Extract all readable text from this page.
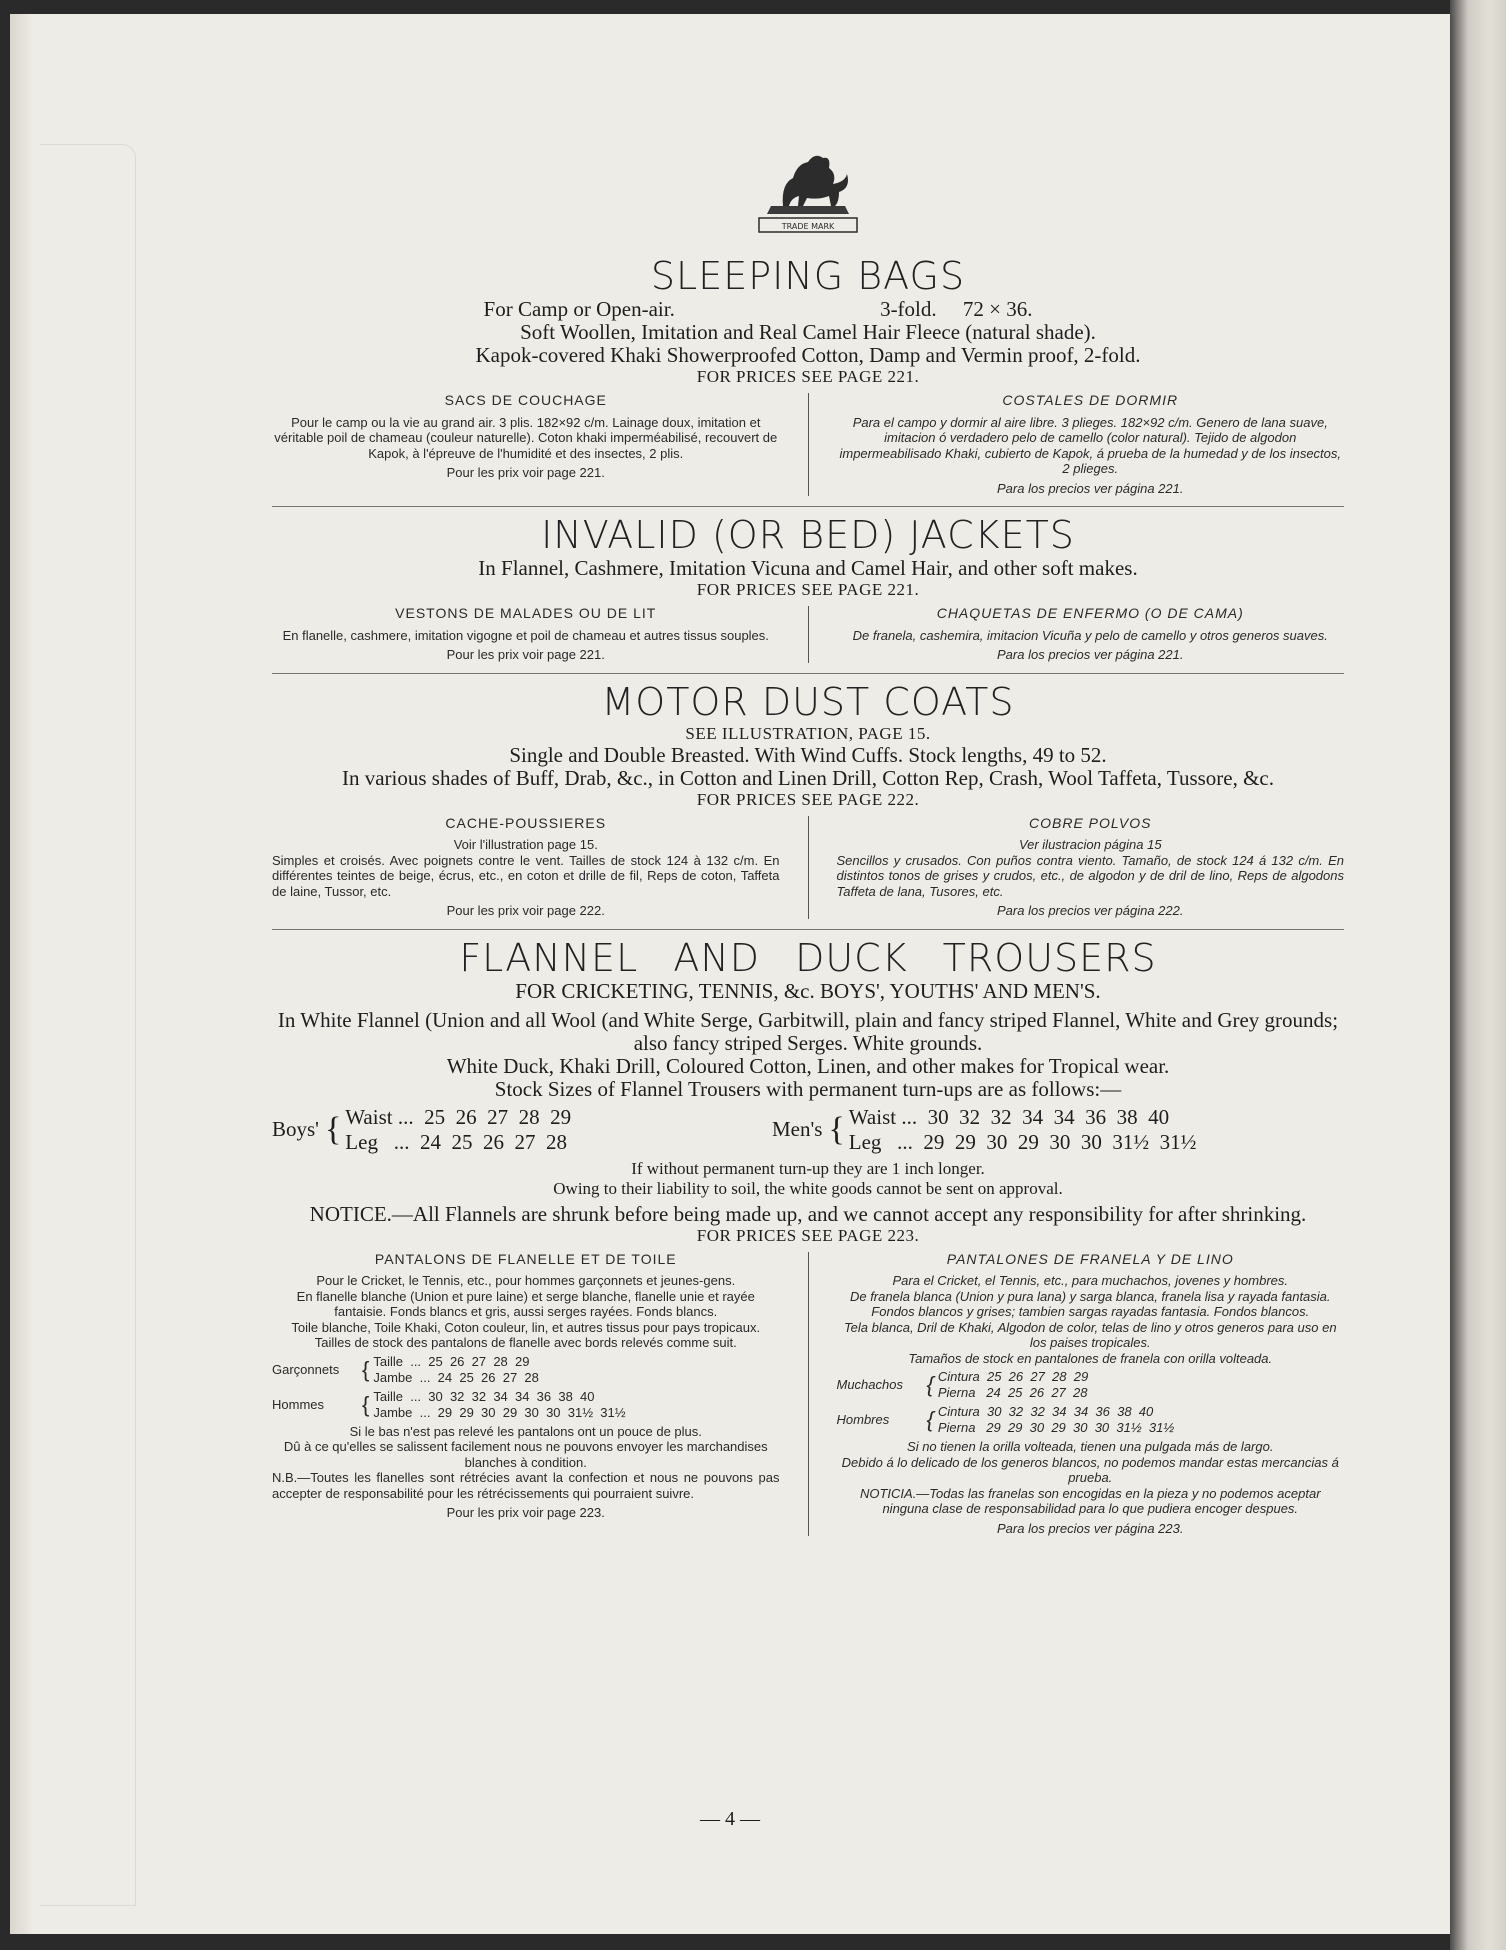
TRADE MARK
SLEEPING BAGS
For Camp or Open-air.	3-fold.     72 × 36.
Soft Woollen, Imitation and Real Camel Hair Fleece (natural shade).
Kapok-covered Khaki Showerproofed Cotton, Damp and Vermin proof, 2-fold.
FOR PRICES SEE PAGE 221.
SACS DE COUCHAGE
Pour le camp ou la vie au grand air. 3 plis. 182×92 c/m. Lainage doux, imitation et véritable poil de chameau (couleur naturelle). Coton khaki imperméabilisé, recouvert de Kapok, à l'épreuve de l'humidité et des insectes, 2 plis.
Pour les prix voir page 221.
COSTALES DE DORMIR
Para el campo y dormir al aire libre. 3 plieges. 182×92 c/m. Genero de lana suave, imitacion ó verdadero pelo de camello (color natural). Tejido de algodon impermeabilisado Khaki, cubierto de Kapok, á prueba de la humedad y de los insectos, 2 plieges.
Para los precios ver página 221.
INVALID (OR BED) JACKETS
In Flannel, Cashmere, Imitation Vicuna and Camel Hair, and other soft makes.
FOR PRICES SEE PAGE 221.
VESTONS DE MALADES OU DE LIT
En flanelle, cashmere, imitation vigogne et poil de chameau et autres tissus souples.
Pour les prix voir page 221.
CHAQUETAS DE ENFERMO (O DE CAMA)
De franela, cashemira, imitacion Vicuña y pelo de camello y otros generos suaves.
Para los precios ver página 221.
MOTOR DUST COATS
SEE ILLUSTRATION, PAGE 15.
Single and Double Breasted. With Wind Cuffs. Stock lengths, 49 to 52.
In various shades of Buff, Drab, &c., in Cotton and Linen Drill, Cotton Rep, Crash, Wool Taffeta, Tussore, &c.
FOR PRICES SEE PAGE 222.
CACHE-POUSSIERES
Voir l'illustration page 15.
Simples et croisés. Avec poignets contre le vent. Tailles de stock 124 à 132 c/m. En différentes teintes de beige, écrus, etc., en coton et drille de fil, Reps de coton, Taffeta de laine, Tussor, etc.
Pour les prix voir page 222.
COBRE POLVOS
Ver ilustracion página 15
Sencillos y crusados. Con puños contra viento. Tamaño, de stock 124 á 132 c/m. En distintos tonos de grises y crudos, etc., de algodon y de dril de lino, Reps de algodons Taffeta de lana, Tusores, etc.
Para los precios ver página 222.
FLANNEL AND DUCK TROUSERS
FOR CRICKETING, TENNIS, &c. BOYS', YOUTHS' AND MEN'S.
In White Flannel (Union and all Wool (and White Serge, Garbitwill, plain and fancy striped Flannel, White and Grey grounds; also fancy striped Serges. White grounds.
White Duck, Khaki Drill, Coloured Cotton, Linen, and other makes for Tropical wear.
Stock Sizes of Flannel Trousers with permanent turn-ups are as follows:—
Boys' { Waist ...  25  26  27  28  29
Leg   ...  24  25  26  27  28
Men's { Waist ...  30  32  32  34  34  36  38  40
Leg   ...  29  29  30  29  30  30  31½  31½
If without permanent turn-up they are 1 inch longer.
Owing to their liability to soil, the white goods cannot be sent on approval.
NOTICE.—All Flannels are shrunk before being made up, and we cannot accept any responsibility for after shrinking.
FOR PRICES SEE PAGE 223.
PANTALONS DE FLANELLE ET DE TOILE
Pour le Cricket, le Tennis, etc., pour hommes garçonnets et jeunes-gens.
En flanelle blanche (Union et pure laine) et serge blanche, flanelle unie et rayée fantaisie. Fonds blancs et gris, aussi serges rayées. Fonds blancs.
Toile blanche, Toile Khaki, Coton couleur, lin, et autres tissus pour pays tropicaux.
Tailles de stock des pantalons de flanelle avec bords relevés comme suit.
Garçonnets	{ Taille  ...  25  26  27  28  29
Jambe  ...  24  25  26  27  28
Hommes	{ Taille  ...  30  32  32  34  34  36  38  40
Jambe  ...  29  29  30  29  30  30  31½  31½
Si le bas n'est pas relevé les pantalons ont un pouce de plus.
Dû à ce qu'elles se salissent facilement nous ne pouvons envoyer les marchandises blanches à condition.
N.B.—Toutes les flanelles sont rétrécies avant la confection et nous ne pouvons pas accepter de responsabilité pour les rétrécissements qui pourraient suivre.
Pour les prix voir page 223.
PANTALONES DE FRANELA Y DE LINO
Para el Cricket, el Tennis, etc., para muchachos, jovenes y hombres.
De franela blanca (Union y pura lana) y sarga blanca, franela lisa y rayada fantasia. Fondos blancos y grises; tambien sargas rayadas fantasia. Fondos blancos.
Tela blanca, Dril de Khaki, Algodon de color, telas de lino y otros generos para uso en los paises tropicales.
Tamaños de stock en pantalones de franela con orilla volteada.
Muchachos	{ Cintura  25  26  27  28  29
Pierna   24  25  26  27  28
Hombres	{ Cintura  30  32  32  34  34  36  38  40
Pierna   29  29  30  29  30  30  31½  31½
Si no tienen la orilla volteada, tienen una pulgada más de largo.
Debido á lo delicado de los generos blancos, no podemos mandar estas mercancias á prueba.
NOTICIA.—Todas las franelas son encogidas en la pieza y no podemos aceptar ninguna clase de responsabilidad para lo que pudiera encoger despues.
Para los precios ver página 223.
— 4 —
